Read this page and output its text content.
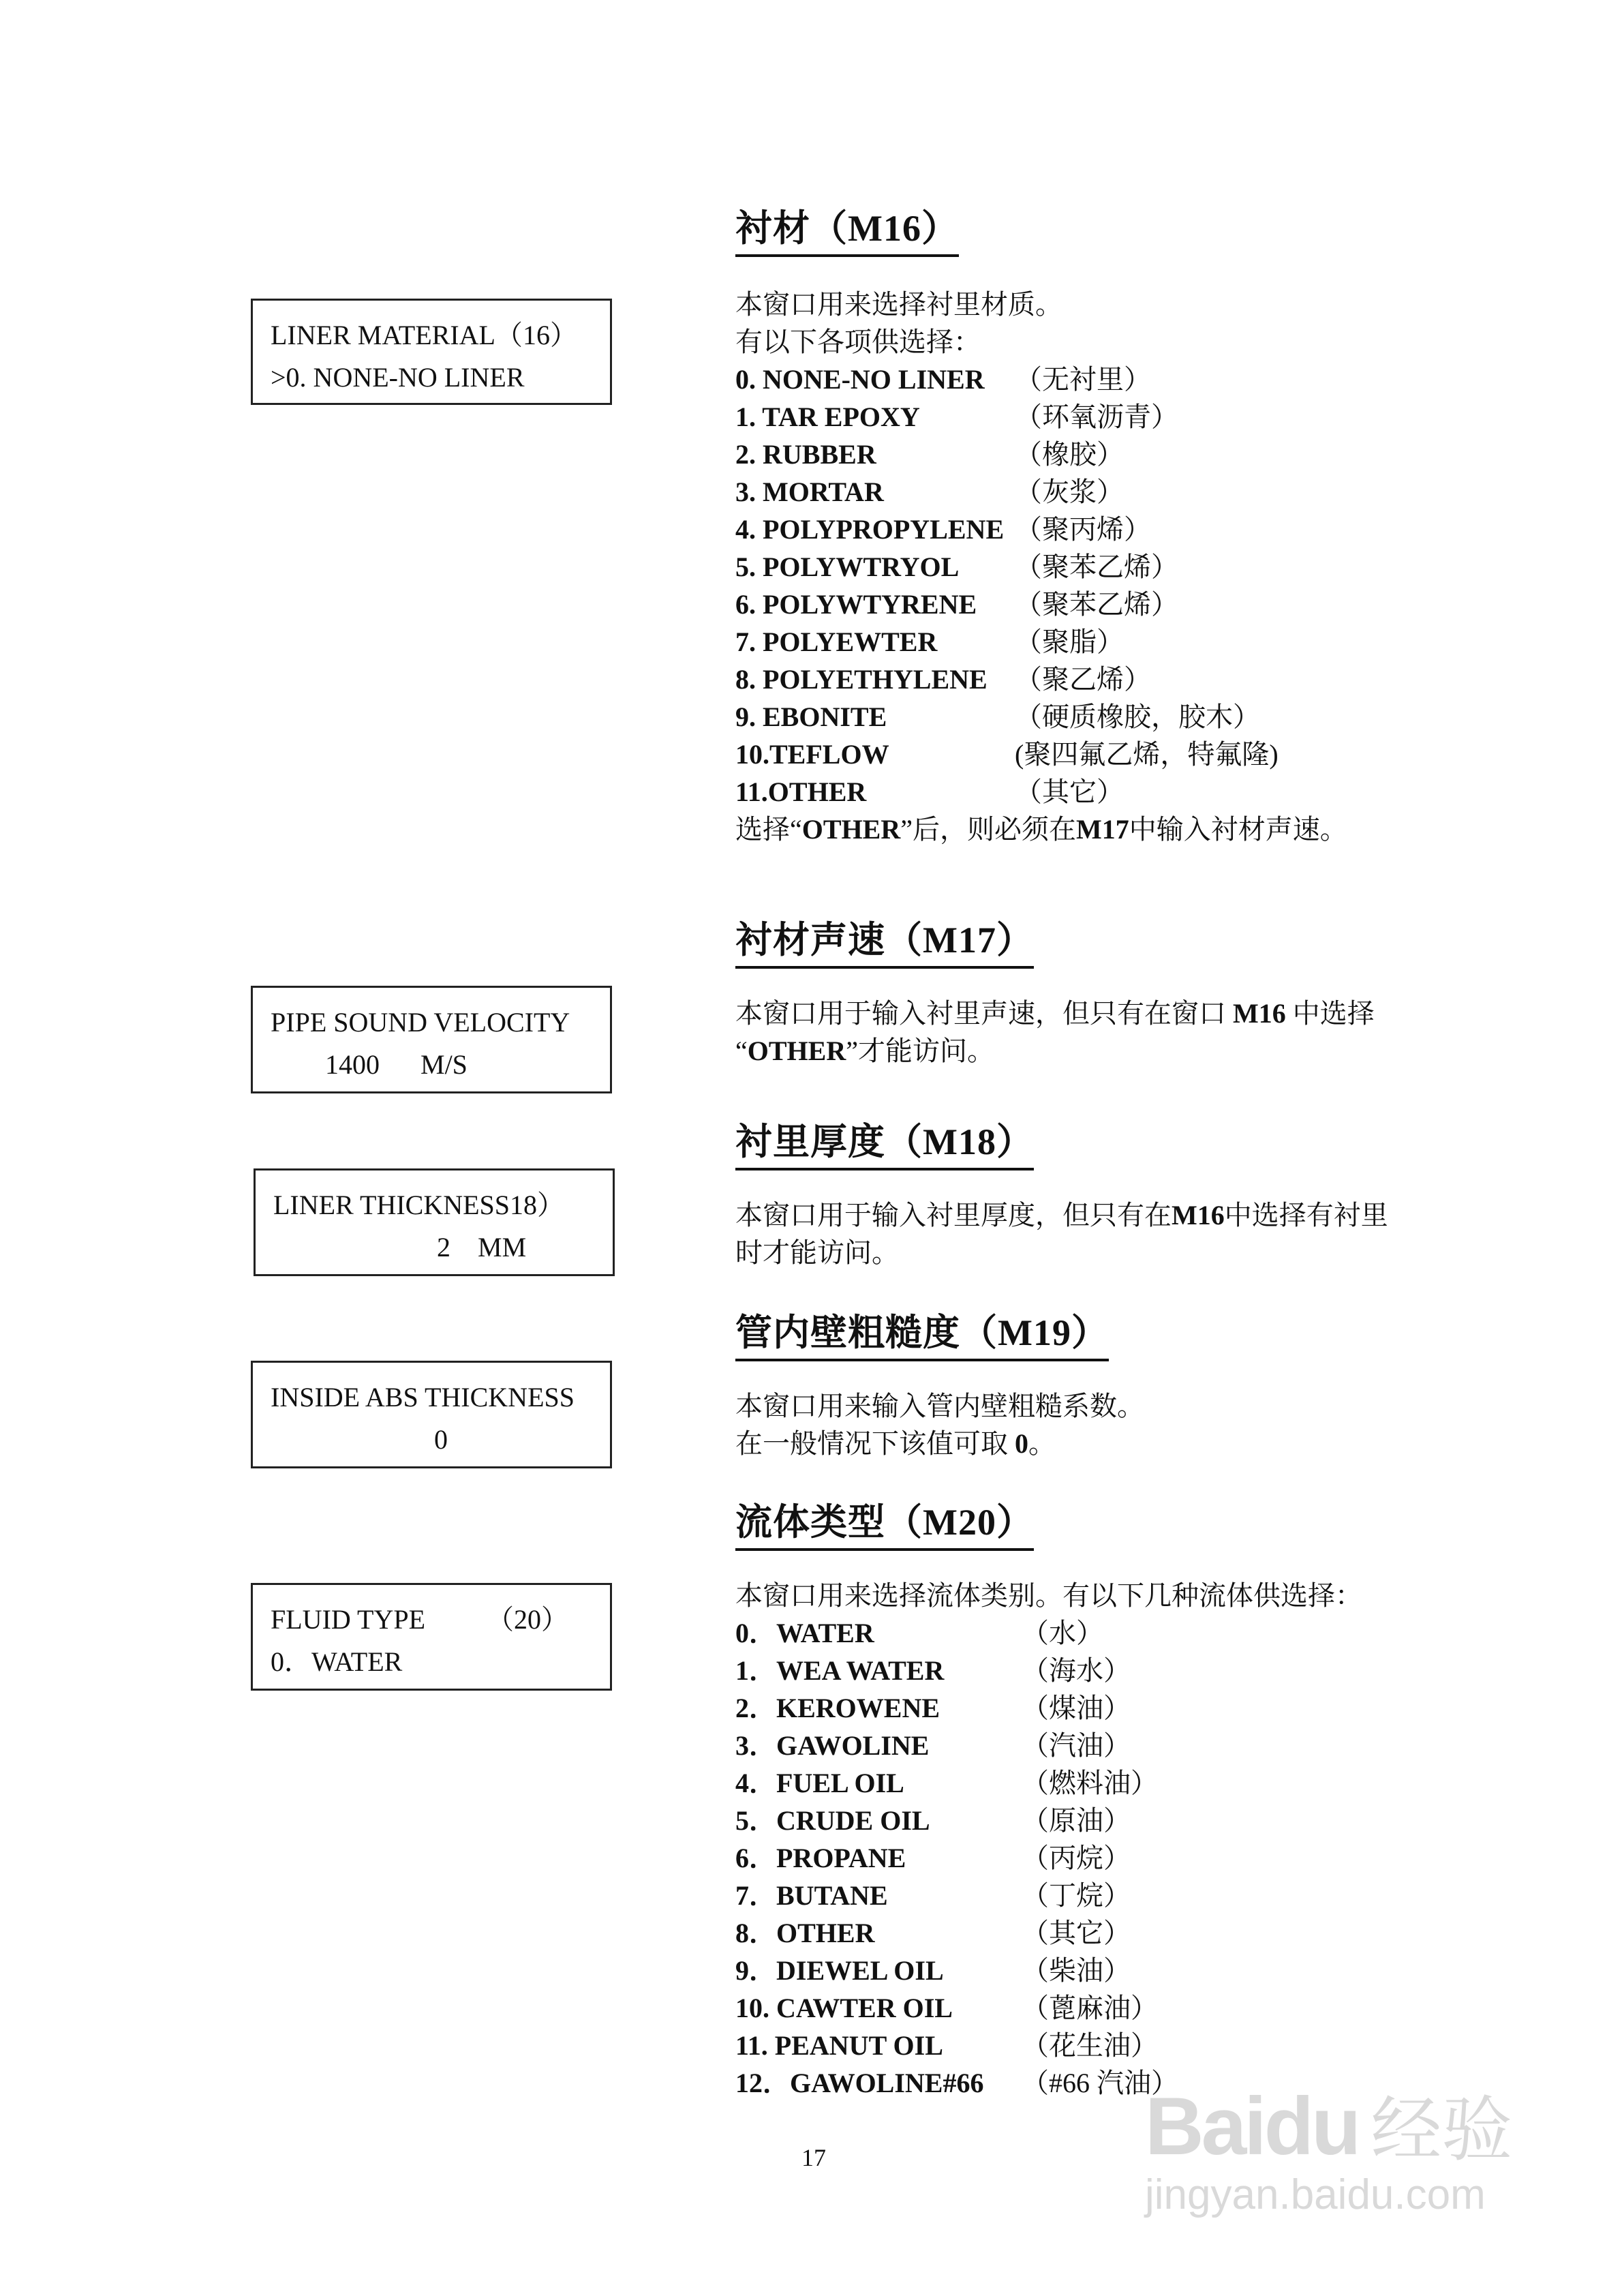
衬材（M16）
本窗口用来选择衬里材质。
有以下各项供选择：
0. NONE-NO LINER	（无衬里）
1. TAR EPOXY	（环氧沥青）
2. RUBBER	（橡胶）
3. MORTAR	（灰浆）
4. POLYPROPYLENE （聚丙烯）
5. POLYWTRYOL	（聚苯乙烯）
6. POLYWTYRENE	（聚苯乙烯）
7. POLYEWTER	（聚脂）
8. POLYETHYLENE	（聚乙烯）
9. EBONITE	（硬质橡胶，胶木）
10.TEFLOW	(聚四氟乙烯，特氟隆)
11.OTHER	（其它）
选择“OTHER”后，则必须在M17中输入衬材声速。
LINER MATERIAL（16）
>0. NONE-NO LINER
衬材声速（M17）
本窗口用于输入衬里声速，但只有在窗口 M16 中选择
“OTHER”才能访问。
PIPE SOUND VELOCITY
1400      M/S
衬里厚度（M18）
本窗口用于输入衬里厚度，但只有在M16中选择有衬里
时才能访问。
LINER THICKNESS18）
2    MM
管内壁粗糙度（M19）
本窗口用来输入管内壁粗糙系数。
在一般情况下该值可取 0。
INSIDE ABS THICKNESS
0
流体类型（M20）
本窗口用来选择流体类别。有以下几种流体供选择：
0．WATER	（水）
1．WEA WATER	（海水）
2．KEROWENE	（煤油）
3．GAWOLINE	（汽油）
4．FUEL OIL	（燃料油）
5．CRUDE OIL	（原油）
6．PROPANE	（丙烷）
7．BUTANE	（丁烷）
8．OTHER	（其它）
9．DIEWEL OIL	（柴油）
10. CAWTER OIL	（蓖麻油）
11. PEANUT OIL	（花生油）
12．GAWOLINE#66	（#66 汽油）
FLUID TYPE         （20）
0．WATER
17	Baidu 经验
jingyan.baidu.com
